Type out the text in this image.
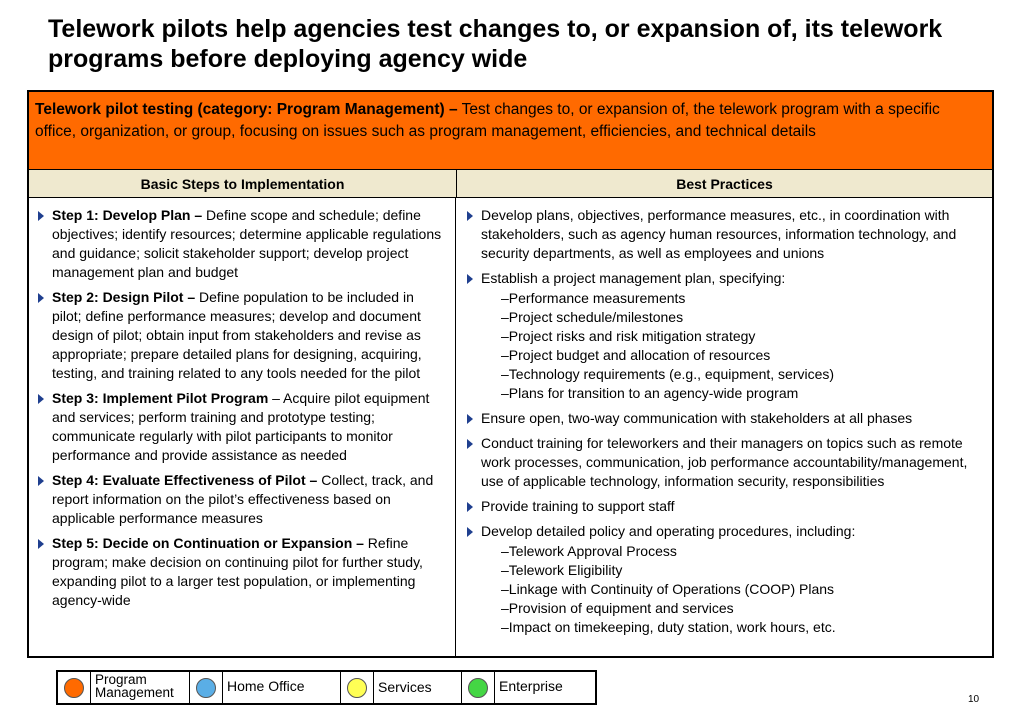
Telework pilots help agencies test changes to, or expansion of, its telework programs before deploying agency wide
Telework pilot testing (category: Program Management) – Test changes to, or expansion of, the telework program with a specific office, organization, or group, focusing on issues such as program management, efficiencies, and technical details
Basic Steps to Implementation	Best Practices
Step 1: Develop Plan – Define scope and schedule; define objectives; identify resources; determine applicable regulations and guidance; solicit stakeholder support; develop project management plan and budget
Step 2: Design Pilot – Define population to be included in pilot; define performance measures; develop and document design of pilot; obtain input from stakeholders and revise as appropriate; prepare detailed plans for designing, acquiring, testing, and training related to any tools needed for the pilot
Step 3: Implement Pilot Program – Acquire pilot equipment and services; perform training and prototype testing; communicate regularly with pilot participants to monitor performance and provide assistance as needed
Step 4: Evaluate Effectiveness of Pilot – Collect, track, and report information on the pilot’s effectiveness based on applicable performance measures
Step 5: Decide on Continuation or Expansion – Refine program; make decision on continuing pilot for further study, expanding pilot to a larger test population, or implementing agency-wide
Develop plans, objectives, performance measures, etc., in coordination with stakeholders, such as agency human resources, information technology, and security departments, as well as employees and unions
Establish a project management plan, specifying:
–Performance measurements
–Project schedule/milestones
–Project risks and risk mitigation strategy
–Project budget and allocation of resources
–Technology requirements (e.g., equipment, services)
–Plans for transition to an agency-wide program
Ensure open, two-way communication with stakeholders at all phases
Conduct training for teleworkers and their managers on topics such as remote work processes, communication, job performance accountability/management, use of applicable technology, information security, responsibilities
Provide training to support staff
Develop detailed policy and operating procedures, including:
–Telework Approval Process
–Telework Eligibility
–Linkage with Continuity of Operations (COOP) Plans
–Provision of equipment and services
–Impact on timekeeping, duty station, work hours, etc.
Program Management	Home Office	Services	Enterprise
10
